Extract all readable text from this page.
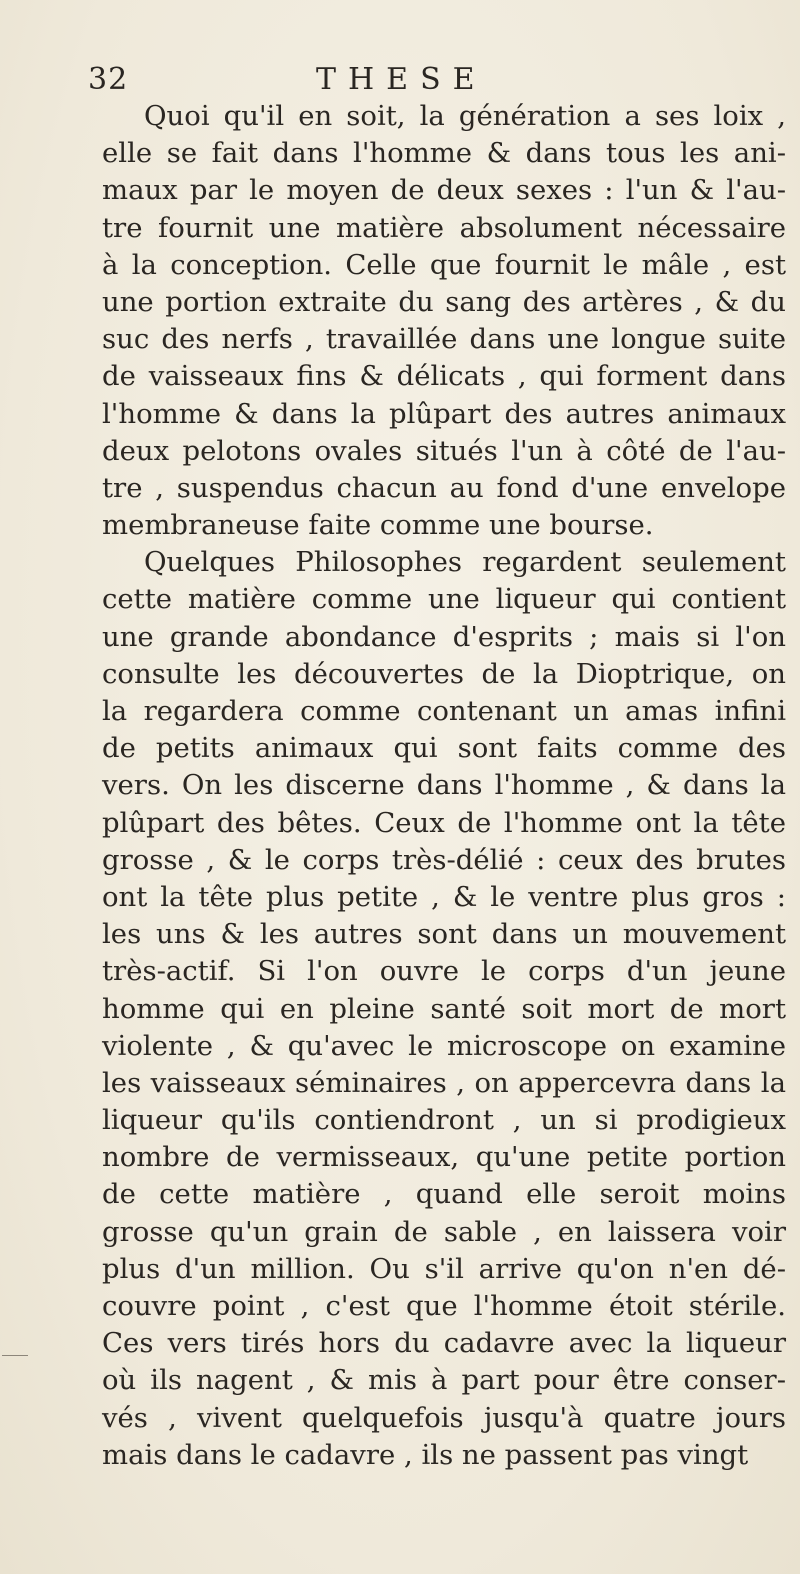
32	THESE
Quoi qu'il en soit, la génération a ses loix ,
elle se fait dans l'homme & dans tous les ani-
maux par le moyen de deux sexes : l'un & l'au-
tre fournit une matière absolument nécessaire
à la conception. Celle que fournit le mâle , est
une portion extraite du sang des artères , & du
suc des nerfs , travaillée dans une longue suite
de vaisseaux fins & délicats , qui forment dans
l'homme & dans la plûpart des autres animaux
deux pelotons ovales situés l'un à côté de l'au-
tre , suspendus chacun au fond d'une envelope
membraneuse faite comme une bourse.
Quelques Philosophes regardent seulement
cette matière comme une liqueur qui contient
une grande abondance d'esprits ; mais si l'on
consulte les découvertes de la Dioptrique, on
la regardera comme contenant un amas infini
de petits animaux qui sont faits comme des
vers. On les discerne dans l'homme , & dans la
plûpart des bêtes. Ceux de l'homme ont la tête
grosse , & le corps très-délié : ceux des brutes
ont la tête plus petite , & le ventre plus gros :
les uns & les autres sont dans un mouvement
très-actif. Si l'on ouvre le corps d'un jeune
homme qui en pleine santé soit mort de mort
violente , & qu'avec le microscope on examine
les vaisseaux séminaires , on appercevra dans la
liqueur qu'ils contiendront , un si prodigieux
nombre de vermisseaux, qu'une petite portion
de cette matière , quand elle seroit moins
grosse qu'un grain de sable , en laissera voir
plus d'un million. Ou s'il arrive qu'on n'en dé-
couvre point , c'est que l'homme étoit stérile.
Ces vers tirés hors du cadavre avec la liqueur
où ils nagent , & mis à part pour être conser-
vés , vivent quelquefois jusqu'à quatre jours
mais dans le cadavre , ils ne passent pas vingt
